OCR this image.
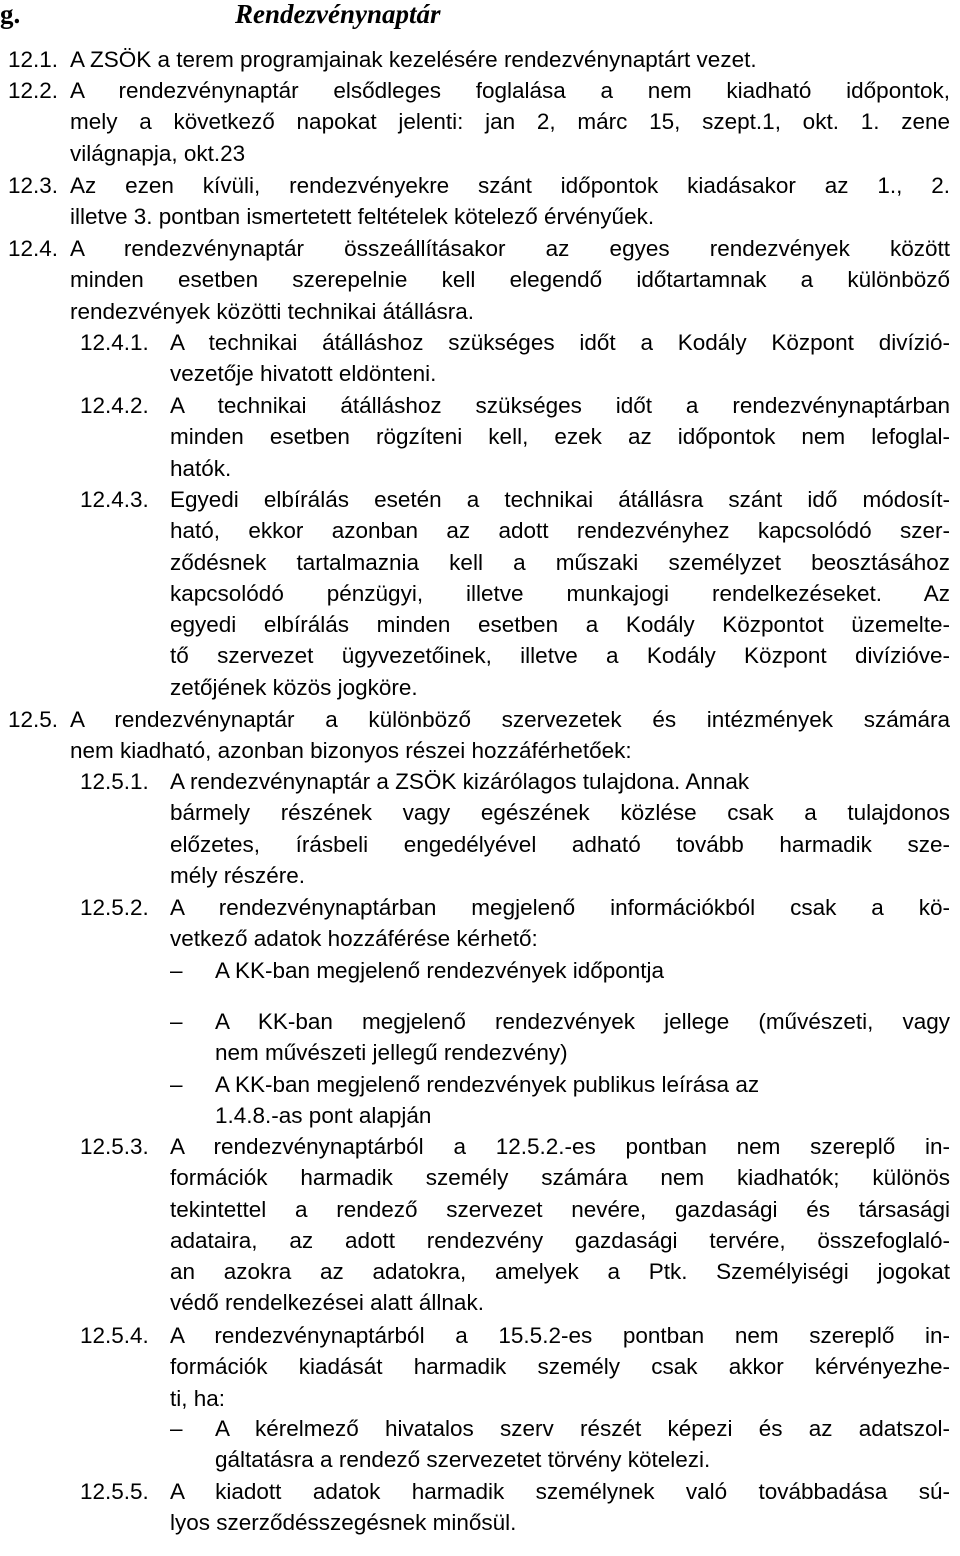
g.	Rendezvénynaptár
12.1. A ZSÖK a terem programjainak kezelésére rendezvénynaptárt vezet.
12.2. A rendezvénynaptár elsődleges foglalása a nem kiadható időpontok,
mely a következő napokat jelenti: jan 2, márc 15, szept.1, okt. 1. zene
világnapja, okt.23
12.3. Az ezen kívüli, rendezvényekre szánt időpontok kiadásakor az 1., 2.
illetve 3. pontban ismertetett feltételek kötelező érvényűek.
12.4. A rendezvénynaptár összeállításakor az egyes rendezvények között
minden esetben szerepelnie kell elegendő időtartamnak a különböző
rendezvények közötti technikai átállásra.
12.4.1. A technikai átálláshoz szükséges időt a Kodály Központ divízió-
vezetője hivatott eldönteni.
12.4.2. A technikai átálláshoz szükséges időt a rendezvénynaptárban
minden esetben rögzíteni kell, ezek az időpontok nem lefoglal-
hatók.
12.4.3. Egyedi elbírálás esetén a technikai átállásra szánt idő módosít-
ható, ekkor azonban az adott rendezvényhez kapcsolódó szer-
ződésnek tartalmaznia kell a műszaki személyzet beosztásához
kapcsolódó pénzügyi, illetve munkajogi rendelkezéseket. Az
egyedi elbírálás minden esetben a Kodály Központot üzemelte-
tő szervezet ügyvezetőinek, illetve a Kodály Központ divízióve-
zetőjének közös jogköre.
12.5. A rendezvénynaptár a különböző szervezetek és intézmények számára
nem kiadható, azonban bizonyos részei hozzáférhetőek:
12.5.1. A rendezvénynaptár a ZSÖK kizárólagos tulajdona. Annak
bármely részének vagy egészének közlése csak a tulajdonos
előzetes, írásbeli engedélyével adható tovább harmadik sze-
mély részére.
12.5.2. A rendezvénynaptárban megjelenő információkból csak a kö-
vetkező adatok hozzáférése kérhető:
– A KK-ban megjelenő rendezvények időpontja
– A KK-ban megjelenő rendezvények jellege (művészeti, vagy
nem művészeti jellegű rendezvény)
– A KK-ban megjelenő rendezvények publikus leírása az
1.4.8.-as pont alapján
12.5.3. A rendezvénynaptárból a 12.5.2.-es pontban nem szereplő in-
formációk harmadik személy számára nem kiadhatók; különös
tekintettel a rendező szervezet nevére, gazdasági és társasági
adataira, az adott rendezvény gazdasági tervére, összefoglaló-
an azokra az adatokra, amelyek a Ptk. Személyiségi jogokat
védő rendelkezései alatt állnak.
12.5.4. A rendezvénynaptárból a 15.5.2-es pontban nem szereplő in-
formációk kiadását harmadik személy csak akkor kérvényezhe-
ti, ha:
– A kérelmező hivatalos szerv részét képezi és az adatszol-
gáltatásra a rendező szervezetet törvény kötelezi.
12.5.5. A kiadott adatok harmadik személynek való továbbadása sú-
lyos szerződésszegésnek minősül.
